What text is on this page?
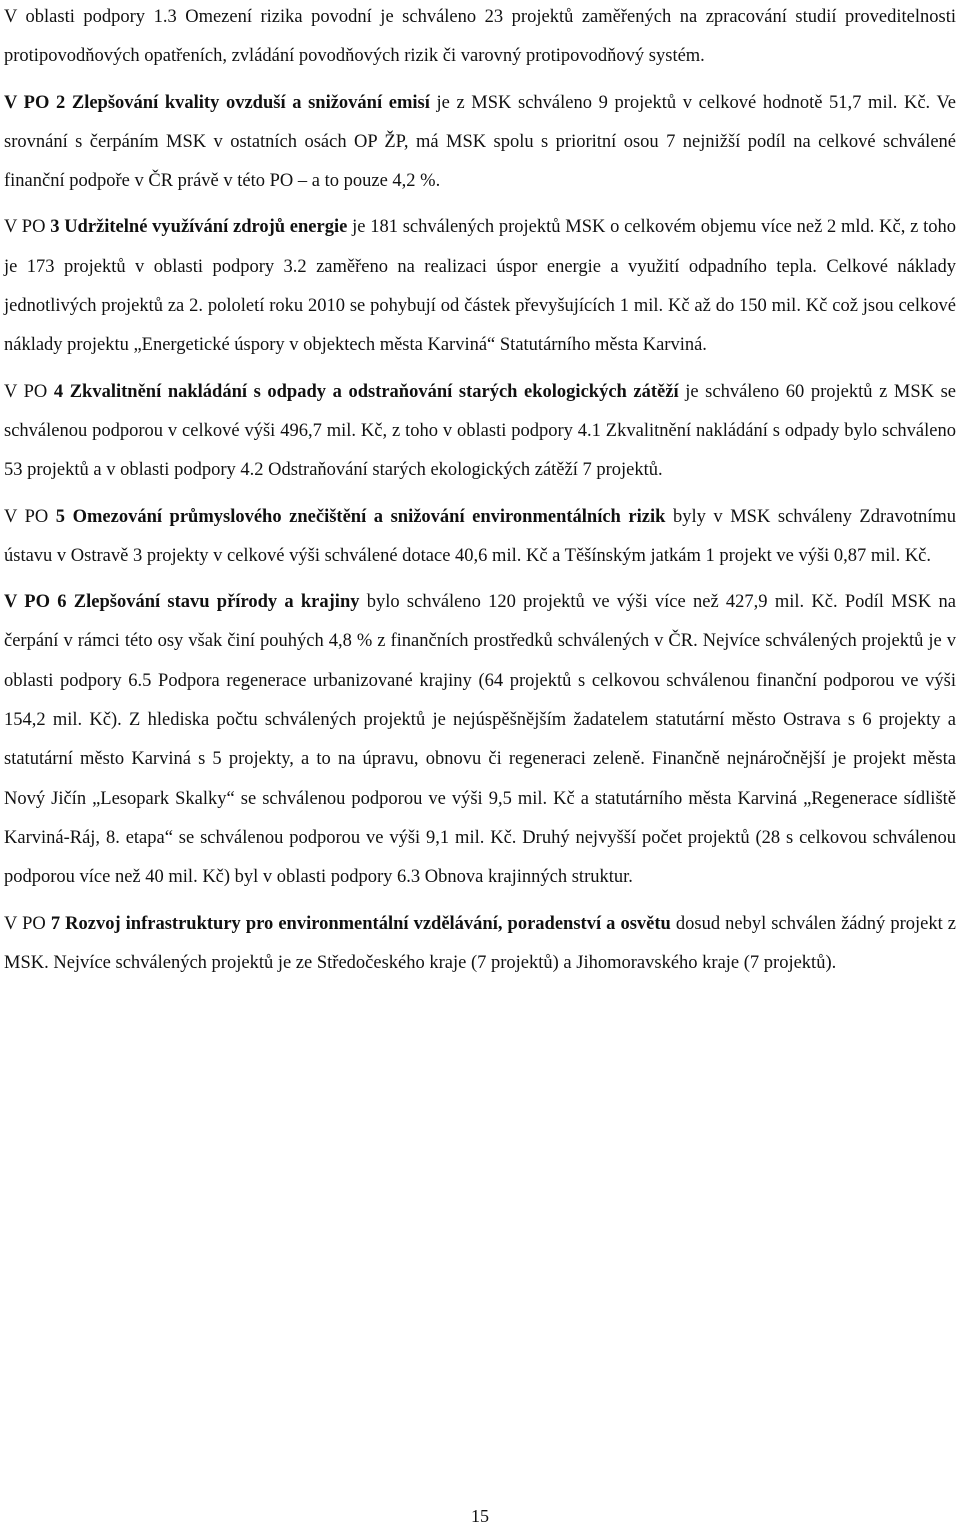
V oblasti podpory 1.3 Omezení rizika povodní je schváleno 23 projektů zaměřených na zpracování studií proveditelnosti protipovodňových opatřeních, zvládání povodňových rizik či varovný protipovodňový systém.

V PO 2 Zlepšování kvality ovzduší a snižování emisí je z MSK schváleno 9 projektů v celkové hodnotě 51,7 mil. Kč. Ve srovnání s čerpáním MSK v ostatních osách OP ŽP, má MSK spolu s prioritní osou 7 nejnižší podíl na celkové schválené finanční podpoře v ČR právě v této PO – a to pouze 4,2 %.

V PO 3 Udržitelné využívání zdrojů energie je 181 schválených projektů MSK o celkovém objemu více než 2 mld. Kč, z toho je 173 projektů v oblasti podpory 3.2 zaměřeno na realizaci úspor energie a využití odpadního tepla. Celkové náklady jednotlivých projektů za 2. pololetí roku 2010 se pohybují od částek převyšujících 1 mil. Kč až do 150 mil. Kč což jsou celkové náklady projektu „Energetické úspory v objektech města Karviná“ Statutárního města Karviná.

V PO 4 Zkvalitnění nakládání s odpady a odstraňování starých ekologických zátěží je schváleno 60 projektů z MSK se schválenou podporou v celkové výši 496,7 mil. Kč, z toho v oblasti podpory 4.1 Zkvalitnění nakládání s odpady bylo schváleno 53 projektů a v oblasti podpory 4.2 Odstraňování starých ekologických zátěží 7 projektů.

V PO 5 Omezování průmyslového znečištění a snižování environmentálních rizik byly v MSK schváleny Zdravotnímu ústavu v Ostravě 3 projekty v celkové výši schválené dotace 40,6 mil. Kč a Těšínským jatkám 1 projekt ve výši 0,87 mil. Kč.

V PO 6 Zlepšování stavu přírody a krajiny bylo schváleno 120 projektů ve výši více než 427,9 mil. Kč. Podíl MSK na čerpání v rámci této osy však činí pouhých 4,8 % z finančních prostředků schválených v ČR. Nejvíce schválených projektů je v oblasti podpory 6.5 Podpora regenerace urbanizované krajiny (64 projektů s celkovou schválenou finanční podporou ve výši 154,2 mil. Kč). Z hlediska počtu schválených projektů je nejúspěšnějším žadatelem statutární město Ostrava s 6 projekty a statutární město Karviná s 5 projekty, a to na úpravu, obnovu či regeneraci zeleně. Finančně nejnáročnější je projekt města Nový Jičín „Lesopark Skalky“ se schválenou podporou ve výši 9,5 mil. Kč a statutárního města Karviná „Regenerace sídliště Karviná-Ráj, 8. etapa“ se schválenou podporou ve výši 9,1 mil. Kč. Druhý nejvyšší počet projektů (28 s celkovou schválenou podporou více než 40 mil. Kč) byl v oblasti podpory 6.3 Obnova krajinných struktur.

V PO 7 Rozvoj infrastruktury pro environmentální vzdělávání, poradenství a osvětu dosud nebyl schválen žádný projekt z MSK. Nejvíce schválených projektů je ze Středočeského kraje (7 projektů) a Jihomoravského kraje (7 projektů).

15
